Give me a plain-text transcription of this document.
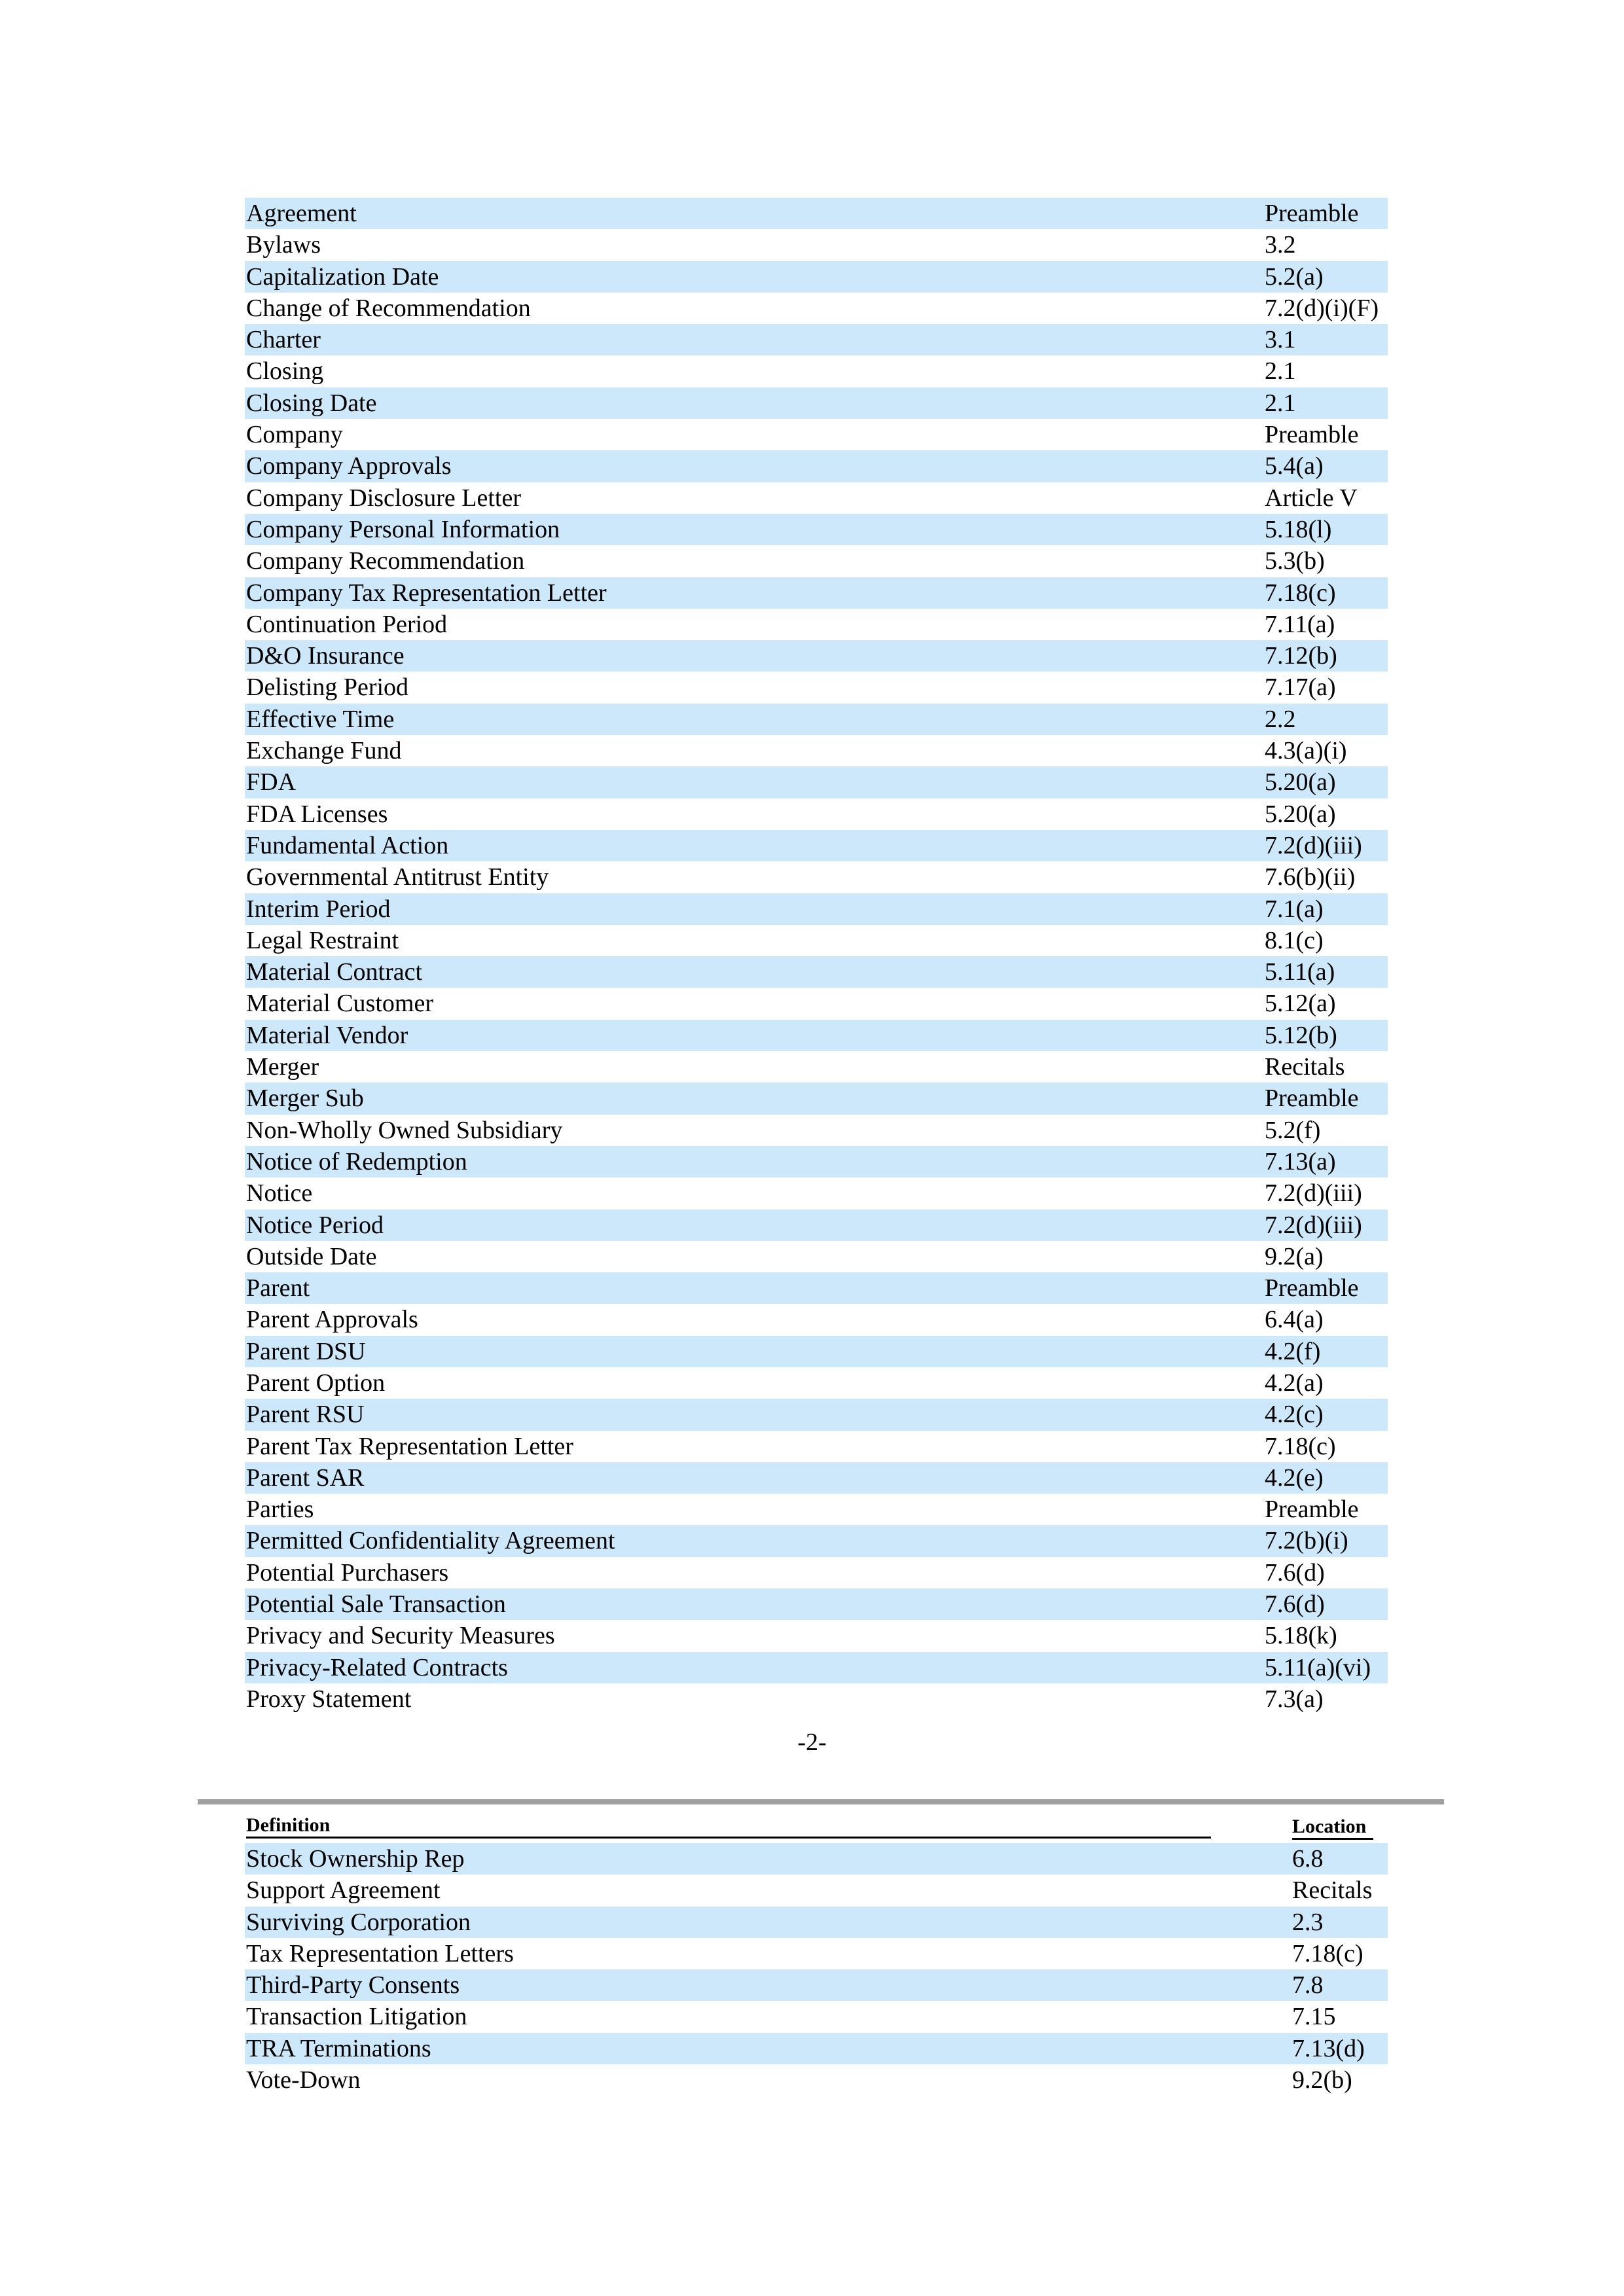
Agreement	Preamble
Bylaws	3.2
Capitalization Date	5.2(a)
Change of Recommendation	7.2(d)(i)(F)
Charter	3.1
Closing	2.1
Closing Date	2.1
Company	Preamble
Company Approvals	5.4(a)
Company Disclosure Letter	Article V
Company Personal Information	5.18(l)
Company Recommendation	5.3(b)
Company Tax Representation Letter	7.18(c)
Continuation Period	7.11(a)
D&O Insurance	7.12(b)
Delisting Period	7.17(a)
Effective Time	2.2
Exchange Fund	4.3(a)(i)
FDA	5.20(a)
FDA Licenses	5.20(a)
Fundamental Action	7.2(d)(iii)
Governmental Antitrust Entity	7.6(b)(ii)
Interim Period	7.1(a)
Legal Restraint	8.1(c)
Material Contract	5.11(a)
Material Customer	5.12(a)
Material Vendor	5.12(b)
Merger	Recitals
Merger Sub	Preamble
Non-Wholly Owned Subsidiary	5.2(f)
Notice of Redemption	7.13(a)
Notice	7.2(d)(iii)
Notice Period	7.2(d)(iii)
Outside Date	9.2(a)
Parent	Preamble
Parent Approvals	6.4(a)
Parent DSU	4.2(f)
Parent Option	4.2(a)
Parent RSU	4.2(c)
Parent Tax Representation Letter	7.18(c)
Parent SAR	4.2(e)
Parties	Preamble
Permitted Confidentiality Agreement	7.2(b)(i)
Potential Purchasers	7.6(d)
Potential Sale Transaction	7.6(d)
Privacy and Security Measures	5.18(k)
Privacy-Related Contracts	5.11(a)(vi)
Proxy Statement	7.3(a)
-2-
Definition	Location
Stock Ownership Rep	6.8
Support Agreement	Recitals
Surviving Corporation	2.3
Tax Representation Letters	7.18(c)
Third-Party Consents	7.8
Transaction Litigation	7.15
TRA Terminations	7.13(d)
Vote-Down	9.2(b)
